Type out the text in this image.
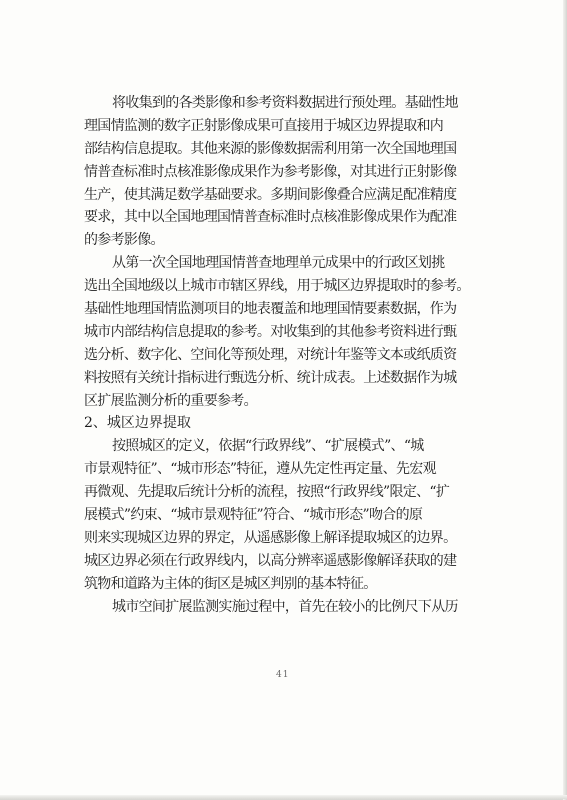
将收集到的各类影像和参考资料数据进行预处理。基础性地
理国情监测的数字正射影像成果可直接用于城区边界提取和内
部结构信息提取。其他来源的影像数据需利用第一次全国地理国
情普查标准时点核准影像成果作为参考影像，对其进行正射影像
生产，使其满足数学基础要求。多期间影像叠合应满足配准精度
要求，其中以全国地理国情普查标准时点核准影像成果作为配准
的参考影像。
从第一次全国地理国情普查地理单元成果中的行政区划挑
选出全国地级以上城市市辖区界线，用于城区边界提取时的参考。
基础性地理国情监测项目的地表覆盖和地理国情要素数据，作为
城市内部结构信息提取的参考。对收集到的其他参考资料进行甄
选分析、数字化、空间化等预处理，对统计年鉴等文本或纸质资
料按照有关统计指标进行甄选分析、统计成表。上述数据作为城
区扩展监测分析的重要参考。
2、城区边界提取
按照城区的定义，依据“行政界线”、“扩展模式”、“城
市景观特征”、“城市形态”特征，遵从先定性再定量、先宏观
再微观、先提取后统计分析的流程，按照“行政界线”限定、“扩
展模式”约束、“城市景观特征”符合、“城市形态”吻合的原
则来实现城区边界的界定，从遥感影像上解译提取城区的边界。
城区边界必须在行政界线内，以高分辨率遥感影像解译获取的建
筑物和道路为主体的街区是城区判别的基本特征。
城市空间扩展监测实施过程中，首先在较小的比例尺下从历
41
